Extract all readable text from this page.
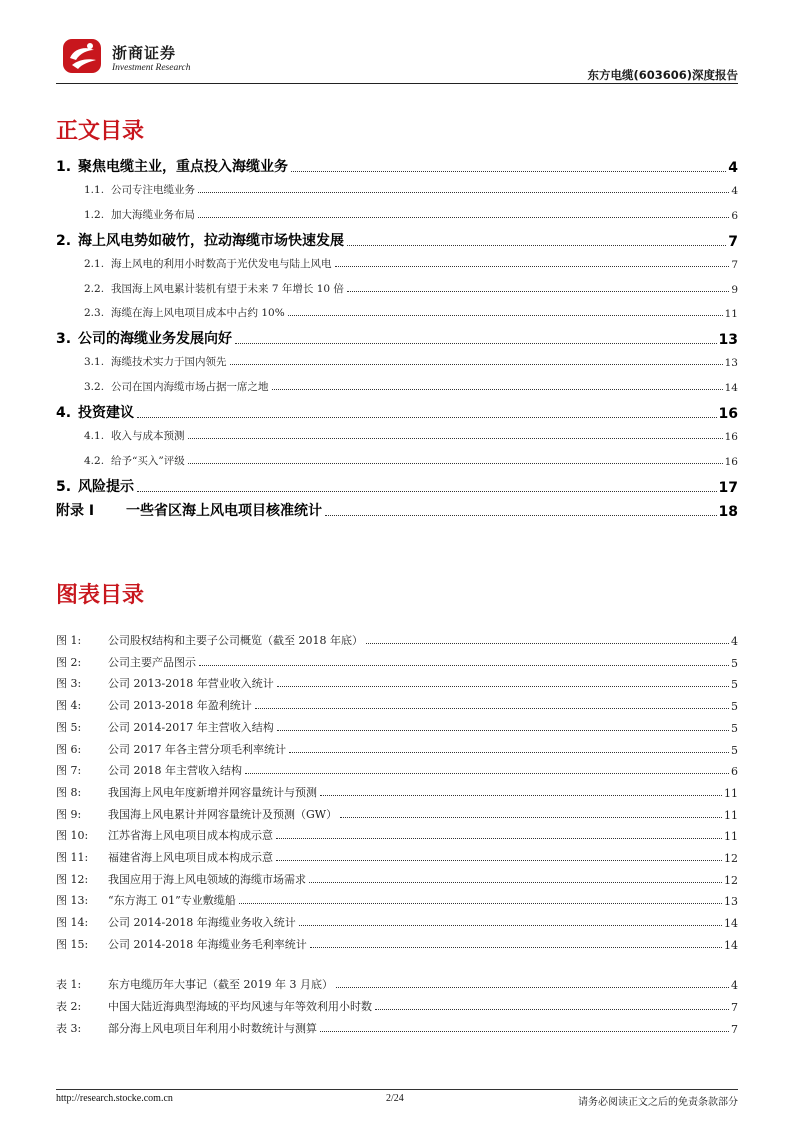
浙商证券
Investment Research	东方电缆(603606)深度报告
正文目录
1. 聚焦电缆主业，重点投入海缆业务	4
1.1. 公司专注电缆业务	4
1.2. 加大海缆业务布局	6
2. 海上风电势如破竹，拉动海缆市场快速发展	7
2.1. 海上风电的利用小时数高于光伏发电与陆上风电	7
2.2. 我国海上风电累计装机有望于未来 7 年增长 10 倍	9
2.3. 海缆在海上风电项目成本中占约 10%	11
3. 公司的海缆业务发展向好	13
3.1. 海缆技术实力于国内领先	13
3.2. 公司在国内海缆市场占据一席之地	14
4. 投资建议	16
4.1. 收入与成本预测	16
4.2. 给予“买入”评级	16
5. 风险提示	17
附录 I 一些省区海上风电项目核准统计	18
图表目录
图 1: 公司股权结构和主要子公司概览（截至 2018 年底）	4
图 2: 公司主要产品图示	5
图 3: 公司 2013-2018 年营业收入统计	5
图 4: 公司 2013-2018 年盈利统计	5
图 5: 公司 2014-2017 年主营收入结构	5
图 6: 公司 2017 年各主营分项毛利率统计	5
图 7: 公司 2018 年主营收入结构	6
图 8: 我国海上风电年度新增并网容量统计与预测	11
图 9: 我国海上风电累计并网容量统计及预测（GW）	11
图 10: 江苏省海上风电项目成本构成示意	11
图 11: 福建省海上风电项目成本构成示意	12
图 12: 我国应用于海上风电领域的海缆市场需求	12
图 13: “东方海工 01”专业敷缆船	13
图 14: 公司 2014-2018 年海缆业务收入统计	14
图 15: 公司 2014-2018 年海缆业务毛利率统计	14
表 1: 东方电缆历年大事记（截至 2019 年 3 月底）	4
表 2: 中国大陆近海典型海域的平均风速与年等效利用小时数	7
表 3: 部分海上风电项目年利用小时数统计与测算	7
http://research.stocke.com.cn	2/24	请务必阅读正文之后的免责条款部分
